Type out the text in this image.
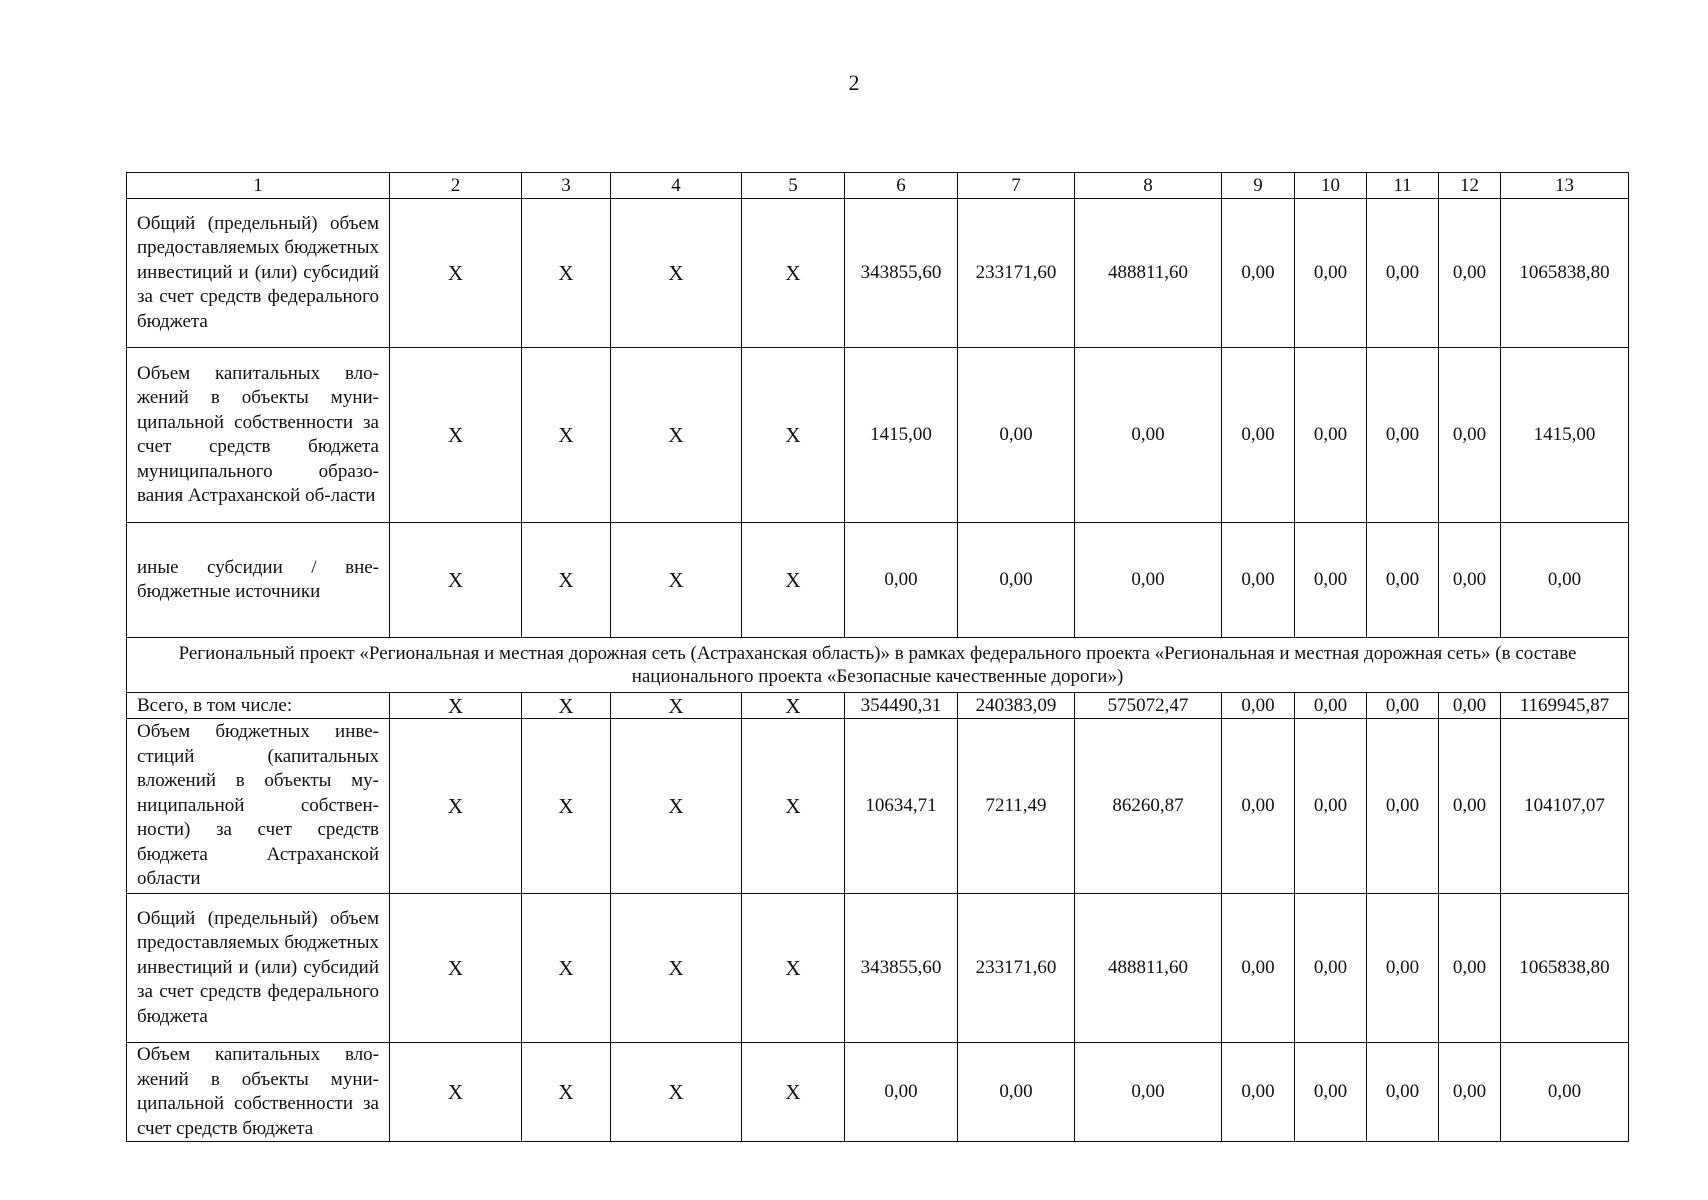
2
1	2	3	4	5	6	7	8	9	10	11	12	13
Общий (предельный) объем предоставляемых бюджетных инвестиций и (или) субсидий за счет средств федерального бюджета	X	X	X	X	343855,60	233171,60	488811,60	0,00	0,00	0,00	0,00	1065838,80
Объем капитальных вло-жений в объекты муни-ципальной собственности за счет средств бюджета муниципального образо-вания Астраханской об-ласти	X	X	X	X	1415,00	0,00	0,00	0,00	0,00	0,00	0,00	1415,00
иные субсидии / вне-бюджетные источники	X	X	X	X	0,00	0,00	0,00	0,00	0,00	0,00	0,00	0,00
Региональный проект «Региональная и местная дорожная сеть (Астраханская область)» в рамках федерального проекта «Региональная и местная дорожная сеть» (в составе национального проекта «Безопасные качественные дороги»)												
Всего, в том числе:	X	X	X	X	354490,31	240383,09	575072,47	0,00	0,00	0,00	0,00	1169945,87
Объем бюджетных инве-стиций (капитальных вложений в объекты му-ниципальной собствен-ности) за счет средств бюджета Астраханской области	X	X	X	X	10634,71	7211,49	86260,87	0,00	0,00	0,00	0,00	104107,07
Общий (предельный) объем предоставляемых бюджетных инвестиций и (или) субсидий за счет средств федерального бюджета	X	X	X	X	343855,60	233171,60	488811,60	0,00	0,00	0,00	0,00	1065838,80
Объем капитальных вло-жений в объекты муни-ципальной собственности за счет средств бюджета	X	X	X	X	0,00	0,00	0,00	0,00	0,00	0,00	0,00	0,00
